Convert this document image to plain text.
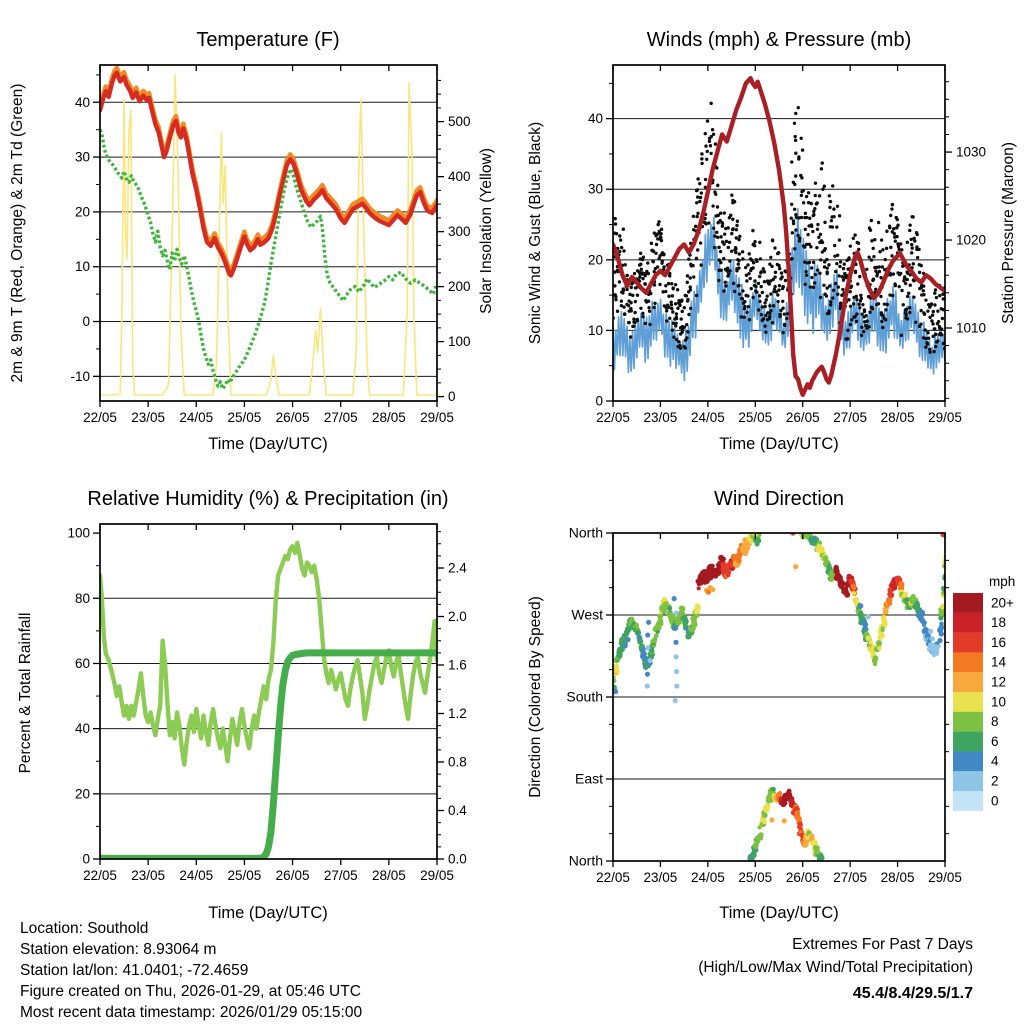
Temperature (F)	Winds (mph) & Pressure (mb)
Relative Humidity (%) & Precipitation (in)	Wind Direction
Time (Day/UTC)	Time (Day/UTC)
Time (Day/UTC)	Time (Day/UTC)
2m & 9m T (Red, Orange) & 2m Td (Green)	Solar Insolation (Yellow) Sonic Wind & Gust (Blue, Black)	Station Pressure (Maroon)
Percent & Total Rainfall	Direction (Colored By Speed)
mph
22/05 23/05 24/05 25/05 26/05 27/05 28/05 29/05
-10
0
10
20
30
40
0
100
200
300
400
500
22/05 23/05 24/05 25/05 26/05 27/05 28/05 29/05
0
10
20
30
40
1010
1020
1030
22/05 23/05 24/05 25/05 26/05 27/05 28/05 29/05
0
20
40
60
80
100
0.0
0.4
0.8
1.2
1.6
2.0
2.4
20+
18
16
14
12
10
8
6
4
2
0
22/05 23/05 24/05 25/05 26/05 27/05 28/05 29/05
North
West
South
East
North
Location: Southold
Station elevation: 8.93064 m
Station lat/lon: 41.0401; -72.4659
Figure created on Thu, 2026-01-29, at 05:46 UTC
Most recent data timestamp: 2026/01/29 05:15:00
Extremes For Past 7 Days
(High/Low/Max Wind/Total Precipitation)
45.4/8.4/29.5/1.7
